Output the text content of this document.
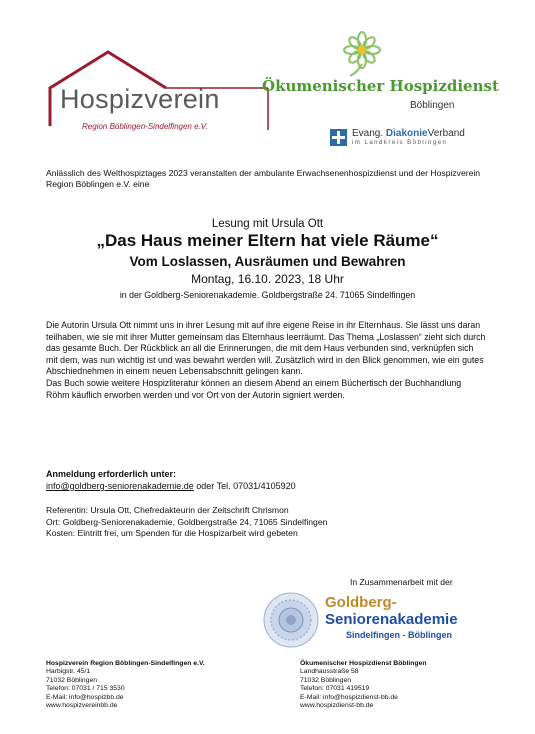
Hospizverein
Region Böblingen-Sindelfingen e.V.
Ökumenischer Hospizdienst
Böblingen
Evang. DiakonieVerband
im Landkreis Böblingen
Anlässlich des Welthospiztages 2023 veranstalten der ambulante Erwachsenenhospizdienst und der Hospizverein Region Böblingen e.V. eine
Lesung mit Ursula Ott
„Das Haus meiner Eltern hat viele Räume“
Vom Loslassen, Ausräumen und Bewahren
Montag, 16.10. 2023, 18 Uhr
in der Goldberg-Seniorenakademie. Goldbergstraße 24. 71065 Sindelfingen

Die Autorin Ursula Ott nimmt uns in ihrer Lesung mit auf ihre eigene Reise in ihr Elternhaus. Sie lässt uns daran teilhaben, wie sie mit ihrer Mutter gemeinsam das Elternhaus leerräumt. Das Thema „Loslassen“ zieht sich durch das gesamte Buch. Der Rückblick an all die Erinnerungen, die mit dem Haus verbunden sind, verknüpfen sich mit dem, was nun wichtig ist und was bewahrt werden will. Zusätzlich wird in den Blick genommen, wie ein gutes Abschiednehmen in einem neuen Lebensabschnitt gelingen kann.

Das Buch sowie weitere Hospizliteratur können an diesem Abend an einem Büchertisch der Buchhandlung Röhm käuflich erworben werden und vor Ort von der Autorin signiert werden.

Anmeldung erforderlich unter:
info@goldberg-seniorenakademie.de oder Tel. 07031/4105920
Referentin: Ursula Ott, Chefredakteurin der Zeitschrift Chrismon
Ort: Goldberg-Seniorenakademie, Goldbergstraße 24, 71065 Sindelfingen
Kosten: Eintritt frei, um Spenden für die Hospizarbeit wird gebeten
In Zusammenarbeit mit der
Goldberg-
Seniorenakademie
Sindelfingen - Böblingen
Hospizverein Region Böblingen-Sindelfingen e.V.
Harbigstr. 45/1
71032 Böblingen
Telefon: 07031 / 715 3530
E-Mail: info@hospizbb.de
www.hospizvereinbb.de
Ökumenischer Hospizdienst Böblingen
Landhausstraße 58
71032 Böblingen
Telefon: 07031 419519
E-Mail: info@hospizdienst-bb.de
www.hospizdienst-bb.de
